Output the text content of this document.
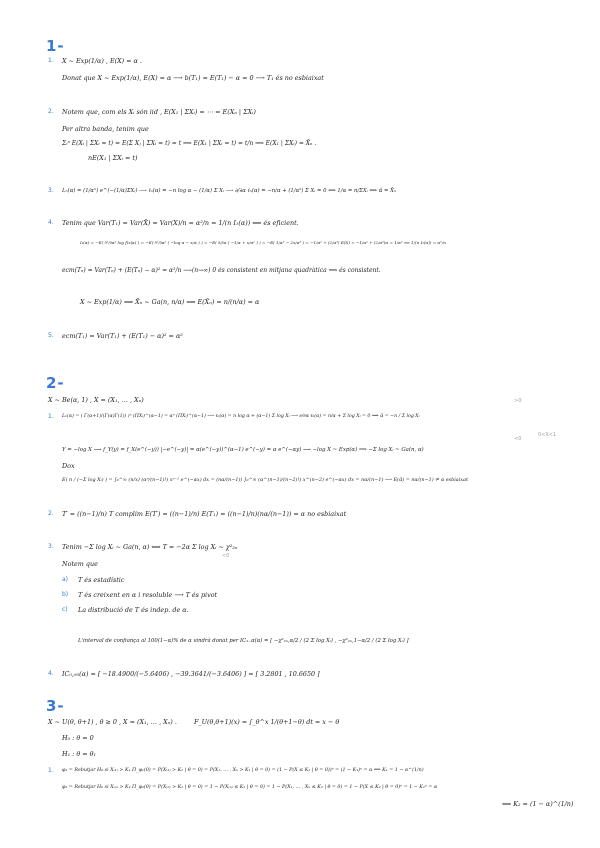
1-
1. X ~ Exp(1/α) , E(X) = α .
Donat que X ~ Exp(1/α), E(X) = α ⟶ b(T₁) = E(T₁) − α = 0 ⟶ T₁ és no esbiaixat
2. Notem que, com els Xᵢ són iid , E(X₁ | ΣXᵢ) = ⋯ = E(Xₙ | ΣXᵢ)
Per altra banda, tenim que
Σᵢⁿ E(Xᵢ | ΣXᵢ = t) = E(Σ Xⱼ | ΣXᵢ = t) = t ⟹ E(X₁ | ΣXᵢ = t) = t/n ⟹ E(X₁ | ΣXᵢ) = X̄ₙ .
nE(X₁ | ΣXᵢ = t)
3. Lₙ(α) = (1/αⁿ) e^(−(1/α)ΣXᵢ) ⟶ ℓₙ(α) = −n log α − (1/α) Σ Xᵢ ⟶ ∂/∂α ℓₙ(α) = −n/α + (1/α²) Σ Xᵢ = 0 ⟺ 1/α = n/ΣXᵢ ⟺ α̂ = X̄ₙ
4. Tenim que Var(T₁) = Var(X̄) = Var(X)/n = α²/n = 1/(n I₁(α)) ⟺ és eficient.
I₁(α) = −E( ∂²/∂α² log f(x|α) ) = −E( ∂²/∂α² ( −log α − x/α ) ) = −E( ∂/∂α ( −1/α + x/α² ) ) = −E( 1/α² − 2x/α³ ) = −1/α² + (2/α³) E(X) = −1/α² + (2/α³)α = 1/α² ⟹ 1/(n I₁(α)) = α²/n
ecm(Tₙ) = Var(Tₙ) + (E(Tₙ) − α)² = α²/n ⟶(n→∞) 0 és consistent en mitjana quadràtica ⟹ és consistent.
X ~ Exp(1/α) ⟹ X̄ₙ ~ Ga(n, n/α) ⟹ E(X̄ₙ) = n/(n/α) = α
5. ecm(T₁) = Var(T₁) + (E(T₁) − α)² = α²
2-
X ~ Be(α, 1) , X = (X₁, … , Xₙ)
1. Lₙ(α) = ( Γ(α+1)/(Γ(α)Γ(1)) )ⁿ (ΠXᵢ)^(α−1) = αⁿ (ΠXᵢ)^(α−1) ⟶ ℓₙ(α) = n log α + (α−1) Σ log Xᵢ ⟶ ∂/∂α ℓₙ(α) = n/α + Σ log Xᵢ = 0 ⟺ α̂ = −n / Σ log Xᵢ
>0
<0
0<X<1
Y = −log X ⟶ f_Y(y) = f_X(e^(−y)) |−e^(−y)| = α(e^(−y))^(α−1) e^(−y) = α e^(−αy) ⟶ −log X ~ Exp(α) ⟹ −Σ log Xᵢ ~ Ga(n, α)
Dox
E( n / (−Σ log Xᵢ) ) = ∫₀^∞ (n/x) (αⁿ/(n−1)!) xⁿ⁻¹ e^(−αx) dx = (nα/(n−1)) ∫₀^∞ (α^(n−1)/(n−2)!) x^(n−2) e^(−αx) dx = nα/(n−1) ⟶ E(α̂) = nα/(n−1) ≠ α esbiaixat
2. T′ = ((n−1)/n) T complim E(T′) = ((n−1)/n) E(T₁) = ((n−1)/n)(nα/(n−1)) = α no esbiaixat
3. Tenim −Σ log Xᵢ ~ Ga(n, α) ⟺ T = −2α Σ log Xᵢ ~ χ²₂ₙ
<0
Notem que
a) T és estadístic
b) T és creixent en α i resoluble ⟶ T és pivot
c) La distribució de T és indep. de α.
L'interval de confiança al 100(1−α)% de α vindrà donat per IC₁₋α(α) = [ −χ²₂ₙ,α/2 / (2 Σ log Xᵢ) , −χ²₂ₙ,1−α/2 / (2 Σ log Xᵢ) ]
4. IC₀,₉₅(α) = [ −18.4900/(−5.6406) , −39.3641/(−3.6406) ] = [ 3.2801 , 10.6650 ]
3-
X ~ U(θ, θ+1) , θ ≥ 0 , X = (X₁, … , Xₙ) .	F_U(θ,θ+1)(x) = ∫_θ^x 1/(θ+1−θ) dt = x − θ
H₀ : θ = 0
H₁ : θ = θ₁
1. φ₁ = Rebutjar H₀ si X₍₁₎ > K₁ Π_φ₁(0) = P(X₍₁₎ > K₁ | θ = 0) = P(X₁, … , Xₙ > K₁ | θ = 0) = (1 − P(X ≤ K₁ | θ = 0))ⁿ = (1 − K₁)ⁿ = α ⟺ K₁ = 1 − α^(1/n)
φ₂ = Rebutjar H₀ si X₍ₙ₎ > K₂ Π_φ₂(0) = P(X₍ₙ₎ > K₂ | θ = 0) = 1 − P(X₍ₙ₎ ≤ K₂ | θ = 0) = 1 − P(X₁, … , Xₙ ≤ K₂ | θ = 0) = 1 − P(X ≤ K₂ | θ = 0)ⁿ = 1 − K₂ⁿ = α
⟺ K₂ = (1 − α)^(1/n)
